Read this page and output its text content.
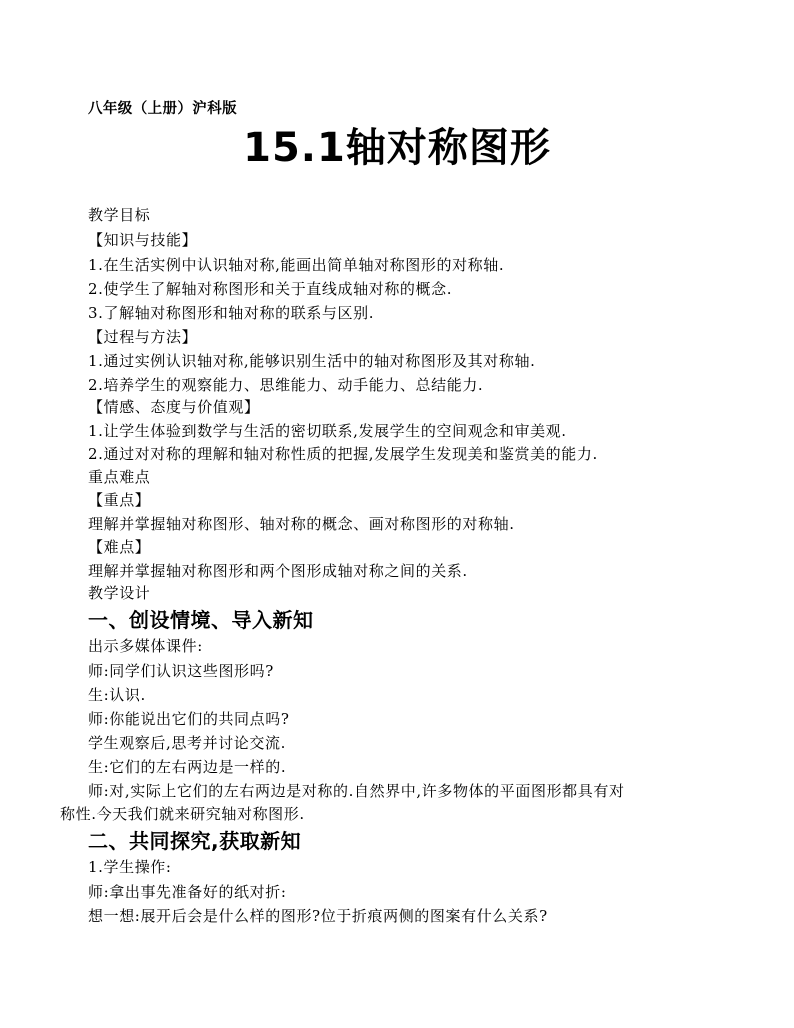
八年级（上册）沪科版
15.1轴对称图形
教学目标
【知识与技能】
1.在生活实例中认识轴对称,能画出简单轴对称图形的对称轴.
2.使学生了解轴对称图形和关于直线成轴对称的概念.
3.了解轴对称图形和轴对称的联系与区别.
【过程与方法】
1.通过实例认识轴对称,能够识别生活中的轴对称图形及其对称轴.
2.培养学生的观察能力、思维能力、动手能力、总结能力.
【情感、态度与价值观】
1.让学生体验到数学与生活的密切联系,发展学生的空间观念和审美观.
2.通过对对称的理解和轴对称性质的把握,发展学生发现美和鉴赏美的能力.
重点难点
【重点】
理解并掌握轴对称图形、轴对称的概念、画对称图形的对称轴.
【难点】
理解并掌握轴对称图形和两个图形成轴对称之间的关系.
教学设计
一、创设情境、导入新知
出示多媒体课件:
师:同学们认识这些图形吗?
生:认识.
师:你能说出它们的共同点吗?
学生观察后,思考并讨论交流.
生:它们的左右两边是一样的.
师:对,实际上它们的左右两边是对称的.自然界中,许多物体的平面图形都具有对
称性.今天我们就来研究轴对称图形.
二、共同探究,获取新知
1.学生操作:
师:拿出事先准备好的纸对折:
想一想:展开后会是什么样的图形?位于折痕两侧的图案有什么关系?
